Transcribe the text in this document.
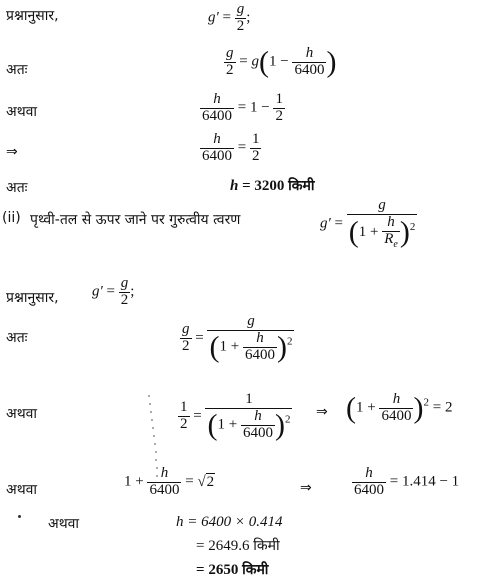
प्रश्नानुसार,	$g' = \frac{g}{2}$ ;
अतः	$\frac{g}{2} = g(1 - \frac{h}{6400}$ )
अथवा	$\frac{h}{6400} = 1 - \frac{1}{2}$
⇒	$\frac{h}{6400} = \frac{1}{2}$
अतः	h = 3200 किमी
(ii) पृथ्वी-तल से ऊपर जाने पर गुरुत्वीय त्वरण	$g' = \frac{g}{(1 + \frac{h}{R_e} )^2}$
प्रश्नानुसार, $g' = \frac{g}{2}$ ;
अतः	$\frac{g}{2} = \frac{g}{(1 + \frac{h}{6400} )^2}$
अथवा	$\frac{1}{2} = \frac{1}{(1 + \frac{h}{6400} )^2}$ ⇒ $(1 + \frac{h}{6400} )^2 = 2$
अथवा
$1 + \frac{h}{6400} = √2$	⇒	$\frac{h}{6400} = 1.414 - 1$
अथवा	h = 6400 × 0.414
= 2649.6 किमी
= 2650 किमी
